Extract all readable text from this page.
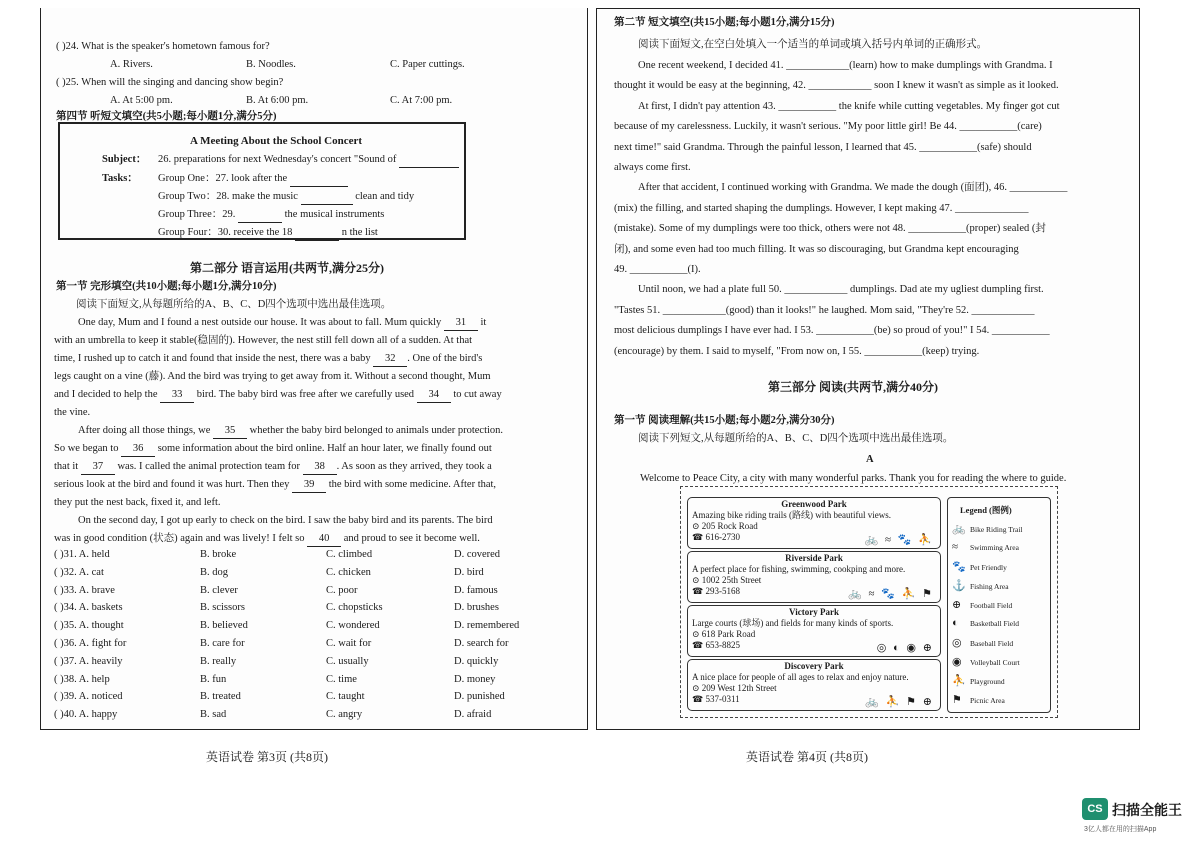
( )24. What is the speaker's hometown famous for?
A. Rivers.	B. Noodles.	C. Paper cuttings.
( )25. When will the singing and dancing show begin?
A. At 5:00 pm.	B. At 6:00 pm.	C. At 7:00 pm.
第四节 听短文填空(共5小题;每小题1分,满分5分)
A Meeting About the School Concert
Subject： 26. preparations for next Wednesday's concert "Sound of
Tasks： Group One：27. look after the
Group Two：28. make the music	clean and tidy
Group Three：29.	the musical instruments
Group Four：30. receive the 18	n the list
第二部分 语言运用(共两节,满分25分)
第一节 完形填空(共10小题;每小题1分,满分10分)
阅读下面短文,从每题所给的A、B、C、D四个选项中选出最佳选项。
One day, Mum and I found a nest outside our house. It was about to fall. Mum quickly 31 it
with an umbrella to keep it stable(稳固的). However, the nest still fell down all of a sudden. At that
time, I rushed up to catch it and found that inside the nest, there was a baby 32 . One of the bird's
legs caught on a vine (藤). And the bird was trying to get away from it. Without a second thought, Mum
and I decided to help the 33 bird. The baby bird was free after we carefully used 34 to cut away
the vine.
After doing all those things, we 35 whether the baby bird belonged to animals under protection.
So we began to 36 some information about the bird online. Half an hour later, we finally found out
that it 37 was. I called the animal protection team for 38 . As soon as they arrived, they took a
serious look at the bird and found it was hurt. Then they 39 the bird with some medicine. After that,
they put the nest back, fixed it, and left.
On the second day, I got up early to check on the bird. I saw the baby bird and its parents. The bird
was in good condition (状态) again and was lively! I felt so 40 and proud to see it become well.
( )31. A. held	B. broke	C. climbed	D. covered
( )32. A. cat	B. dog	C. chicken	D. bird
( )33. A. brave	B. clever	C. poor	D. famous
( )34. A. baskets	B. scissors	C. chopsticks	D. brushes
( )35. A. thought	B. believed	C. wondered	D. remembered
( )36. A. fight for	B. care for	C. wait for	D. search for
( )37. A. heavily	B. really	C. usually	D. quickly
( )38. A. help	B. fun	C. time	D. money
( )39. A. noticed	B. treated	C. taught	D. punished
( )40. A. happy	B. sad	C. angry	D. afraid
英语试卷 第3页 (共8页)
第二节 短文填空(共15小题;每小题1分,满分15分)
阅读下面短文,在空白处填入一个适当的单词或填入括号内单词的正确形式。
One recent weekend, I decided 41. ____________(learn) how to make dumplings with Grandma. I
thought it would be easy at the beginning, 42. ____________ soon I knew it wasn't as simple as it looked.
At first, I didn't pay attention 43. ___________ the knife while cutting vegetables. My finger got cut
because of my carelessness. Luckily, it wasn't serious. "My poor little girl! Be 44. ___________(care)
next time!" said Grandma. Through the painful lesson, I learned that 45. ___________(safe) should
always come first.
After that accident, I continued working with Grandma. We made the dough (面团), 46. ___________
(mix) the filling, and started shaping the dumplings. However, I kept making 47. ______________
(mistake). Some of my dumplings were too thick, others were not 48. ___________(proper) sealed (封
闭), and some even had too much filling. It was so discouraging, but Grandma kept encouraging
49. ___________(I).
Until noon, we had a plate full 50. ____________ dumplings. Dad ate my ugliest dumpling first.
"Tastes 51. ____________(good) than it looks!" he laughed. Mom said, "They're 52. ____________
most delicious dumplings I have ever had. I 53. ___________(be) so proud of you!" I 54. ___________
(encourage) by them. I said to myself, "From now on, I 55. ___________(keep) trying.
第三部分 阅读(共两节,满分40分)
第一节 阅读理解(共15小题;每小题2分,满分30分)
阅读下列短文,从每题所给的A、B、C、D四个选项中选出最佳选项。
A
Welcome to Peace City, a city with many wonderful parks. Thank you for reading the where to guide.
Greenwood Park
Amazing bike riding trails (路线) with beautiful views.
⊙ 205 Rock Road
☎ 616-2730	🚲 ≈ 🐾 ⛹
Riverside Park
A perfect place for fishing, swimming, cookping and more.
⊙ 1002 25th Street
☎ 293-5168	🚲 ≈ 🐾 ⛹ ⚑
Victory Park
Large courts (球场) and fields for many kinds of sports.
⊙ 618 Park Road
☎ 653-8825	◎ ◐ ◉ ⊕
Discovery Park
A nice place for people of all ages to relax and enjoy nature.
⊙ 209 West 12th Street
☎ 537-0311	🚲 ⛹ ⚑ ⊕
Legend (图例)
🚲 Bike Riding Trail
≈ Swimming Area
🐾 Pet Friendly
⚓ Fishing Area
⊕ Football Field
◐ Basketball Field
◎ Baseball Field
◉ Volleyball Court
⛹ Playground
⚑ Picnic Area
英语试卷 第4页 (共8页)
CS 扫描全能王
3亿人都在用的扫描App
